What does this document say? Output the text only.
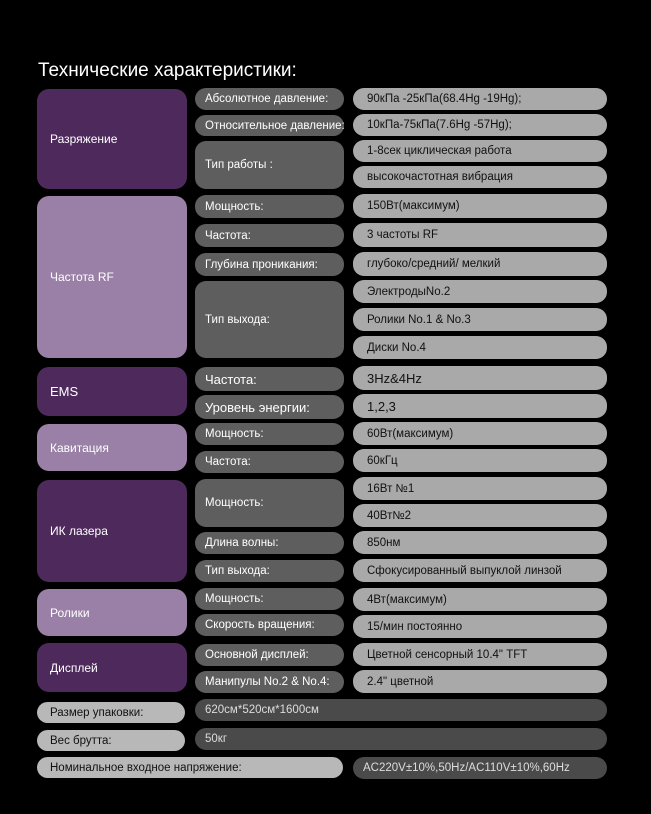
Технические характеристики:
Разряжение
Абсолютное давление:	90кПа -25кПа(68.4Hg -19Hg);
Относительное давление:	10кПа-75кПа(7.6Hg -57Hg);
Тип работы :
1-8сек циклическая работа
высокочастотная вибрация
Частота RF
Мощность:	150Вт(максимум)
Частота:	3 частоты RF
Глубина проникания:	глубоко/средний/ мелкий
Тип выхода:
ЭлектродыNo.2
Ролики No.1 & No.3
Диски No.4
EMS
Частота:	3Hz&4Hz
Уровень энергии:	1,2,3
Кавитация
Мощность:	60Вт(максимум)
Частота:	60кГц
ИК лазера
Мощность:
16Вт №1
40Вт№2
Длина волны:	850нм
Тип выхода:	Сфокусированный выпуклой линзой
Ролики
Мощность:	4Вт(максимум)
Скорость вращения:	15/мин постоянно
Дисплей
Основной дисплей:	Цветной сенсорный 10.4" TFT
Манипулы No.2 & No.4:	2.4" цветной
Размер упаковки:	620см*520см*1600см
Вес брутта:	50кг
Номинальное входное напряжение:	AC220V±10%,50Hz/AC110V±10%,60Hz
